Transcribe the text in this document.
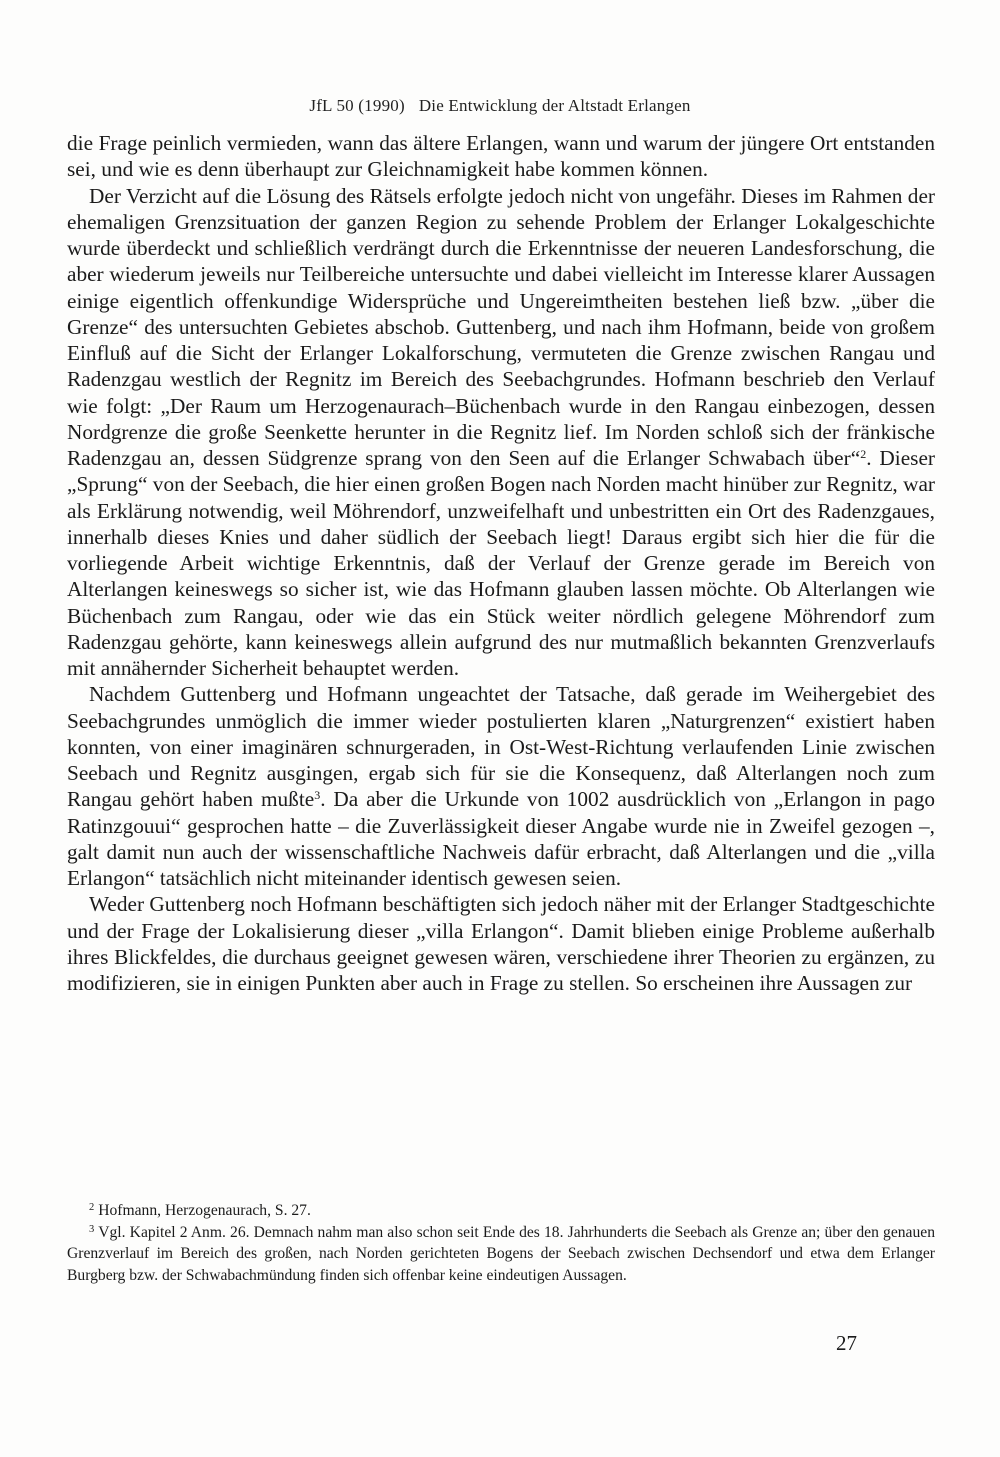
JfL 50 (1990) Die Entwicklung der Altstadt Erlangen

die Frage peinlich vermieden, wann das ältere Erlangen, wann und warum der jüngere Ort entstanden sei, und wie es denn überhaupt zur Gleichnamigkeit habe kommen können.

Der Verzicht auf die Lösung des Rätsels erfolgte jedoch nicht von ungefähr. Dieses im Rahmen der ehemaligen Grenzsituation der ganzen Region zu sehende Problem der Erlanger Lokalgeschichte wurde überdeckt und schließlich verdrängt durch die Erkenntnisse der neueren Landesforschung, die aber wiederum jeweils nur Teilbereiche untersuchte und dabei vielleicht im Interesse klarer Aussagen einige eigentlich offenkundige Widersprüche und Ungereimtheiten bestehen ließ bzw. „über die Grenze“ des untersuchten Gebietes abschob. Guttenberg, und nach ihm Hofmann, beide von großem Einfluß auf die Sicht der Erlanger Lokalforschung, vermuteten die Grenze zwischen Rangau und Radenzgau westlich der Regnitz im Bereich des Seebachgrundes. Hofmann beschrieb den Verlauf wie folgt: „Der Raum um Herzogenaurach–Büchenbach wurde in den Rangau einbezogen, dessen Nordgrenze die große Seenkette herunter in die Regnitz lief. Im Norden schloß sich der fränkische Radenzgau an, dessen Südgrenze sprang von den Seen auf die Erlanger Schwabach über“$^2$. Dieser „Sprung“ von der Seebach, die hier einen großen Bogen nach Norden macht hinüber zur Regnitz, war als Erklärung notwendig, weil Möhrendorf, unzweifelhaft und unbestritten ein Ort des Radenzgaues, innerhalb dieses Knies und daher südlich der Seebach liegt! Daraus ergibt sich hier die für die vorliegende Arbeit wichtige Erkenntnis, daß der Verlauf der Grenze gerade im Bereich von Alterlangen keineswegs so sicher ist, wie das Hofmann glauben lassen möchte. Ob Alterlangen wie Büchenbach zum Rangau, oder wie das ein Stück weiter nördlich gelegene Möhrendorf zum Radenzgau gehörte, kann keineswegs allein aufgrund des nur mutmaßlich bekannten Grenzverlaufs mit annähernder Sicherheit behauptet werden.

Nachdem Guttenberg und Hofmann ungeachtet der Tatsache, daß gerade im Weihergebiet des Seebachgrundes unmöglich die immer wieder postulierten klaren „Naturgrenzen“ existiert haben konnten, von einer imaginären schnurgeraden, in Ost-West-Richtung verlaufenden Linie zwischen Seebach und Regnitz ausgingen, ergab sich für sie die Konsequenz, daß Alterlangen noch zum Rangau gehört haben mußte$^3$. Da aber die Urkunde von 1002 ausdrücklich von „Erlangon in pago Ratinzgouui“ gesprochen hatte – die Zuverlässigkeit dieser Angabe wurde nie in Zweifel gezogen –, galt damit nun auch der wissenschaftliche Nachweis dafür erbracht, daß Alterlangen und die „villa Erlangon“ tatsächlich nicht miteinander identisch gewesen seien.

Weder Guttenberg noch Hofmann beschäftigten sich jedoch näher mit der Erlanger Stadtgeschichte und der Frage der Lokalisierung dieser „villa Erlangon“. Damit blieben einige Probleme außerhalb ihres Blickfeldes, die durchaus geeignet gewesen wären, verschiedene ihrer Theorien zu ergänzen, zu modifizieren, sie in einigen Punkten aber auch in Frage zu stellen. So erscheinen ihre Aussagen zur

$^2$ Hofmann, Herzogenaurach, S. 27.

$^3$ Vgl. Kapitel 2 Anm. 26. Demnach nahm man also schon seit Ende des 18. Jahrhunderts die Seebach als Grenze an; über den genauen Grenzverlauf im Bereich des großen, nach Norden gerichteten Bogens der Seebach zwischen Dechsendorf und etwa dem Erlanger Burgberg bzw. der Schwabachmündung finden sich offenbar keine eindeutigen Aussagen.

27
